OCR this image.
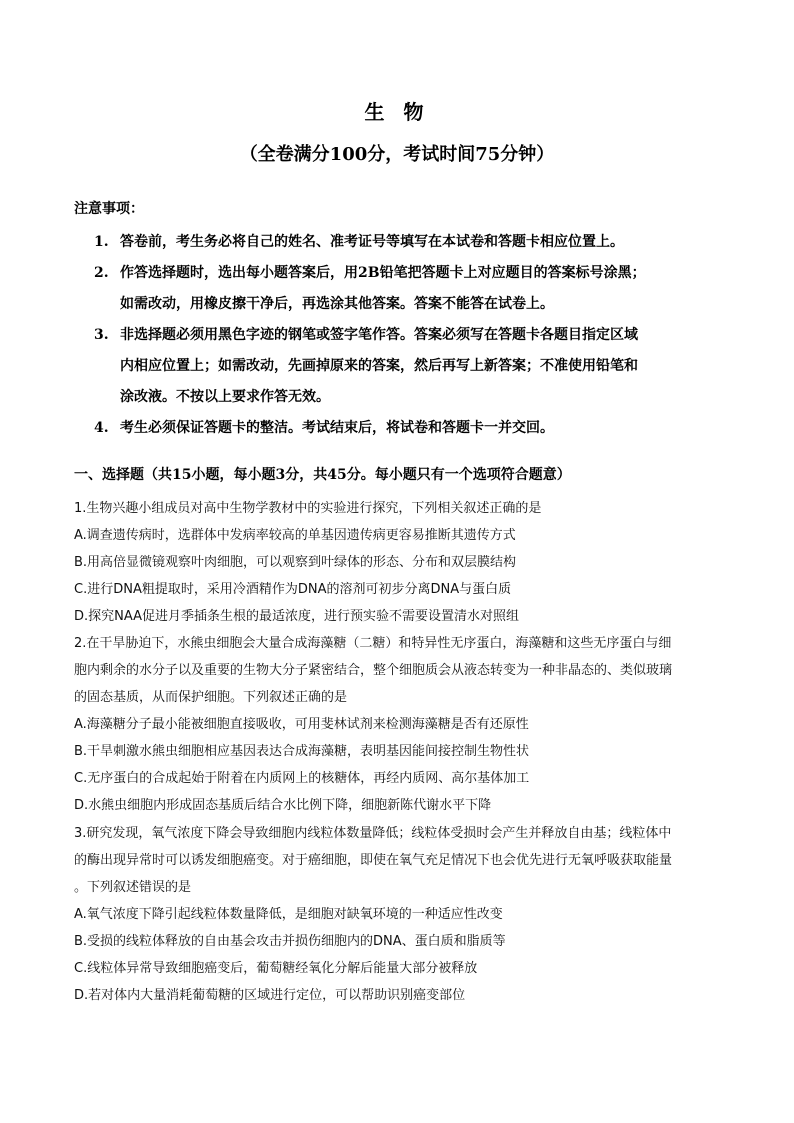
生 物
（全卷满分100分，考试时间75分钟）
注意事项：
1. 答卷前，考生务必将自己的姓名、准考证号等填写在本试卷和答题卡相应位置上。
2. 作答选择题时，选出每小题答案后，用2B铅笔把答题卡上对应题目的答案标号涂黑；
如需改动，用橡皮擦干净后，再选涂其他答案。答案不能答在试卷上。
3. 非选择题必须用黑色字迹的钢笔或签字笔作答。答案必须写在答题卡各题目指定区域
内相应位置上；如需改动，先画掉原来的答案，然后再写上新答案；不准使用铅笔和
涂改液。不按以上要求作答无效。
4. 考生必须保证答题卡的整洁。考试结束后，将试卷和答题卡一并交回。
一、选择题（共15小题，每小题3分，共45分。每小题只有一个选项符合题意）
1.生物兴趣小组成员对高中生物学教材中的实验进行探究，下列相关叙述正确的是
A.调查遗传病时，选群体中发病率较高的单基因遗传病更容易推断其遗传方式
B.用高倍显微镜观察叶肉细胞，可以观察到叶绿体的形态、分布和双层膜结构
C.进行DNA粗提取时，采用冷酒精作为DNA的溶剂可初步分离DNA与蛋白质
D.探究NAA促进月季插条生根的最适浓度，进行预实验不需要设置清水对照组
2.在干旱胁迫下，水熊虫细胞会大量合成海藻糖（二糖）和特异性无序蛋白，海藻糖和这些无序蛋白与细
胞内剩余的水分子以及重要的生物大分子紧密结合，整个细胞质会从液态转变为一种非晶态的、类似玻璃
的固态基质，从而保护细胞。下列叙述正确的是
A.海藻糖分子最小能被细胞直接吸收，可用斐林试剂来检测海藻糖是否有还原性
B.干旱刺激水熊虫细胞相应基因表达合成海藻糖，表明基因能间接控制生物性状
C.无序蛋白的合成起始于附着在内质网上的核糖体，再经内质网、高尔基体加工
D.水熊虫细胞内形成固态基质后结合水比例下降，细胞新陈代谢水平下降
3.研究发现，氧气浓度下降会导致细胞内线粒体数量降低；线粒体受损时会产生并释放自由基；线粒体中
的酶出现异常时可以诱发细胞癌变。对于癌细胞，即使在氧气充足情况下也会优先进行无氧呼吸获取能量
。下列叙述错误的是
A.氧气浓度下降引起线粒体数量降低，是细胞对缺氧环境的一种适应性改变
B.受损的线粒体释放的自由基会攻击并损伤细胞内的DNA、蛋白质和脂质等
C.线粒体异常导致细胞癌变后，葡萄糖经氧化分解后能量大部分被释放
D.若对体内大量消耗葡萄糖的区域进行定位，可以帮助识别癌变部位
